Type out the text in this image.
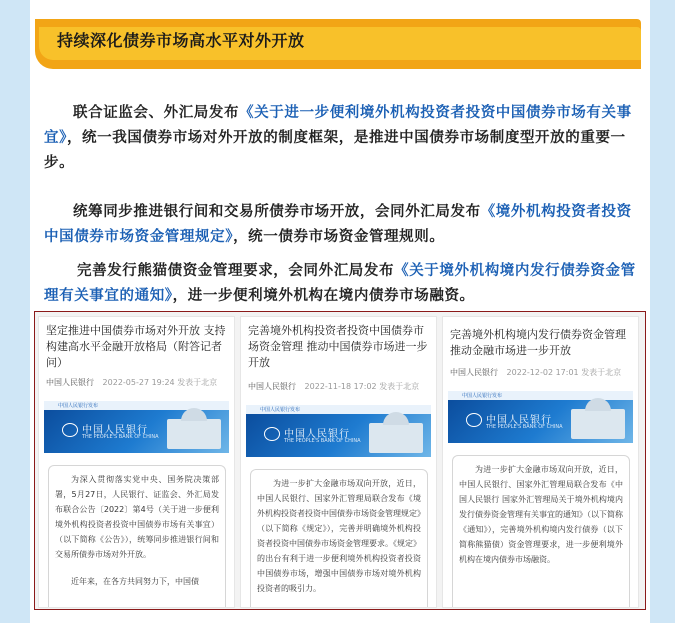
持续深化债券市场高水平对外开放
联合证监会、外汇局发布《关于进一步便利境外机构投资者投资中国债券市场有关事宜》，统一我国债券市场对外开放的制度框架，是推进中国债券市场制度型开放的重要一步。
统筹同步推进银行间和交易所债券市场开放，会同外汇局发布《境外机构投资者投资中国债券市场资金管理规定》，统一债券市场资金管理规则。
完善发行熊猫债资金管理要求，会同外汇局发布《关于境外机构境内发行债券资金管理有关事宜的通知》，进一步便利境外机构在境内债券市场融资。
坚定推进中国债券市场对外开放 支持构建高水平金融开放格局（附答记者问）
中国人民银行 2022-05-27 19:24 发表于北京
中国人民银行发布
中国人民银行
THE PEOPLE'S BANK OF CHINA

为深入贯彻落实党中央、国务院决策部署，5月27日，人民银行、证监会、外汇局发布联合公告〔2022〕第4号（关于进一步便利境外机构投资者投资中国债券市场有关事宜）（以下简称《公告》），统筹同步推进银行间和交易所债券市场对外开放。

近年来，在各方共同努力下，中国债

完善境外机构投资者投资中国债券市场资金管理 推动中国债券市场进一步开放
中国人民银行 2022-11-18 17:02 发表于北京
中国人民银行发布
中国人民银行
THE PEOPLE'S BANK OF CHINA

为进一步扩大金融市场双向开放，近日，中国人民银行、国家外汇管理局联合发布《境外机构投资者投资中国债券市场资金管理规定》（以下简称《规定》），完善并明确境外机构投资者投资中国债券市场资金管理要求。《规定》的出台有利于进一步便利境外机构投资者投资中国债券市场，增强中国债券市场对境外机构投资者的吸引力。

完善境外机构境内发行债券资金管理 推动金融市场进一步开放
中国人民银行 2022-12-02 17:01 发表于北京
中国人民银行发布
中国人民银行
THE PEOPLE'S BANK OF CHINA

为进一步扩大金融市场双向开放，近日，中国人民银行、国家外汇管理局联合发布《中国人民银行 国家外汇管理局关于境外机构境内发行债券资金管理有关事宜的通知》（以下简称《通知》），完善境外机构境内发行债券（以下简称熊猫债）资金管理要求，进一步便利境外机构在境内债券市场融资。
